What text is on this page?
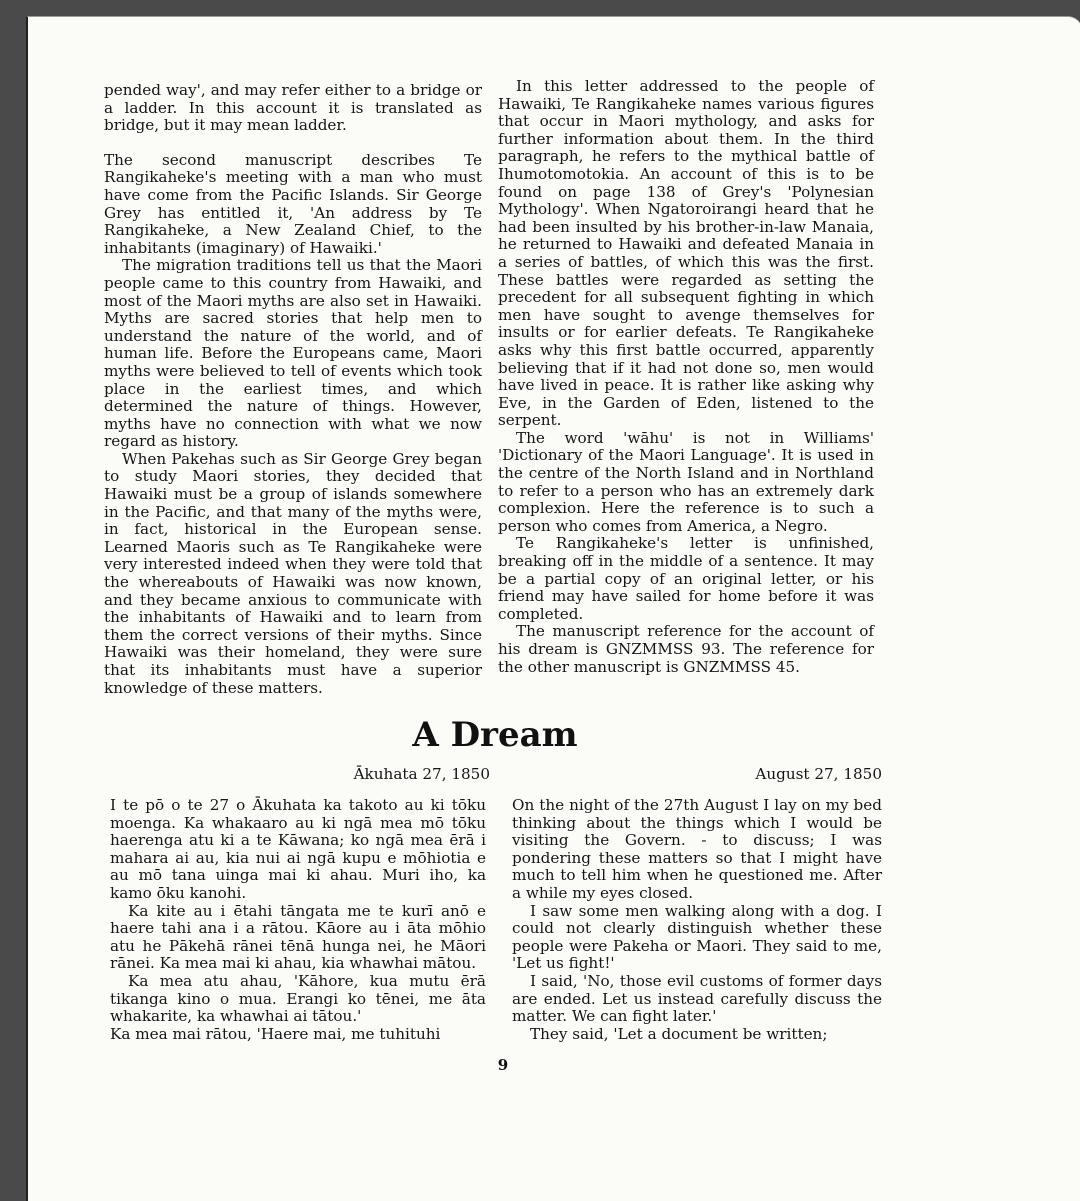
pended way', and may refer either to a bridge or a ladder. In this account it is translated as bridge, but it may mean ladder.

The second manuscript describes Te Rangikaheke's meeting with a man who must have come from the Pacific Islands. Sir George Grey has entitled it, 'An address by Te Rangikaheke, a New Zealand Chief, to the inhabitants (imaginary) of Hawaiki.'

The migration traditions tell us that the Maori people came to this country from Hawaiki, and most of the Maori myths are also set in Hawaiki. Myths are sacred stories that help men to understand the nature of the world, and of human life. Before the Europeans came, Maori myths were believed to tell of events which took place in the earliest times, and which determined the nature of things. However, myths have no connection with what we now regard as history.

When Pakehas such as Sir George Grey began to study Maori stories, they decided that Hawaiki must be a group of islands somewhere in the Pacific, and that many of the myths were, in fact, historical in the European sense. Learned Maoris such as Te Rangikaheke were very interested indeed when they were told that the whereabouts of Hawaiki was now known, and they became anxious to communicate with the inhabitants of Hawaiki and to learn from them the correct versions of their myths. Since Hawaiki was their homeland, they were sure that its inhabitants must have a superior knowledge of these matters.

In this letter addressed to the people of Hawaiki, Te Rangikaheke names various figures that occur in Maori mythology, and asks for further information about them. In the third paragraph, he refers to the mythical battle of Ihumotomotokia. An account of this is to be found on page 138 of Grey's 'Polynesian Mythology'. When Ngatoroirangi heard that he had been insulted by his brother-in-law Manaia, he returned to Hawaiki and defeated Manaia in a series of battles, of which this was the first. These battles were regarded as setting the precedent for all subsequent fighting in which men have sought to avenge themselves for insults or for earlier defeats. Te Rangikaheke asks why this first battle occurred, apparently believing that if it had not done so, men would have lived in peace. It is rather like asking why Eve, in the Garden of Eden, listened to the serpent.

The word 'wāhu' is not in Williams' 'Dictionary of the Maori Language'. It is used in the centre of the North Island and in Northland to refer to a person who has an extremely dark complexion. Here the reference is to such a person who comes from America, a Negro.

Te Rangikaheke's letter is unfinished, breaking off in the middle of a sentence. It may be a partial copy of an original letter, or his friend may have sailed for home before it was completed.

The manuscript reference for the account of his dream is GNZMMSS 93. The reference for the other manuscript is GNZMMSS 45.

A Dream
Ākuhata 27, 1850	August 27, 1850

I te pō o te 27 o Ākuhata ka takoto au ki tōku moenga. Ka whakaaro au ki ngā mea mō tōku haerenga atu ki a te Kāwana; ko ngā mea ērā i mahara ai au, kia nui ai ngā kupu e mōhiotia e au mō tana uinga mai ki ahau. Muri iho, ka kamo ōku kanohi.

Ka kite au i ētahi tāngata me te kurī anō e haere tahi ana i a rātou. Kāore au i āta mōhio atu he Pākehā rānei tēnā hunga nei, he Māori rānei. Ka mea mai ki ahau, kia whawhai mātou.

Ka mea atu ahau, 'Kāhore, kua mutu ērā tikanga kino o mua. Erangi ko tēnei, me āta whakarite, ka whawhai ai tātou.'

Ka mea mai rātou, 'Haere mai, me tuhituhi

On the night of the 27th August I lay on my bed thinking about the things which I would be visiting the Govern. - to discuss; I was pondering these matters so that I might have much to tell him when he questioned me. After a while my eyes closed.

I saw some men walking along with a dog. I could not clearly distinguish whether these people were Pakeha or Maori. They said to me, 'Let us fight!'

I said, 'No, those evil customs of former days are ended. Let us instead carefully discuss the matter. We can fight later.'

They said, 'Let a document be written;

9
